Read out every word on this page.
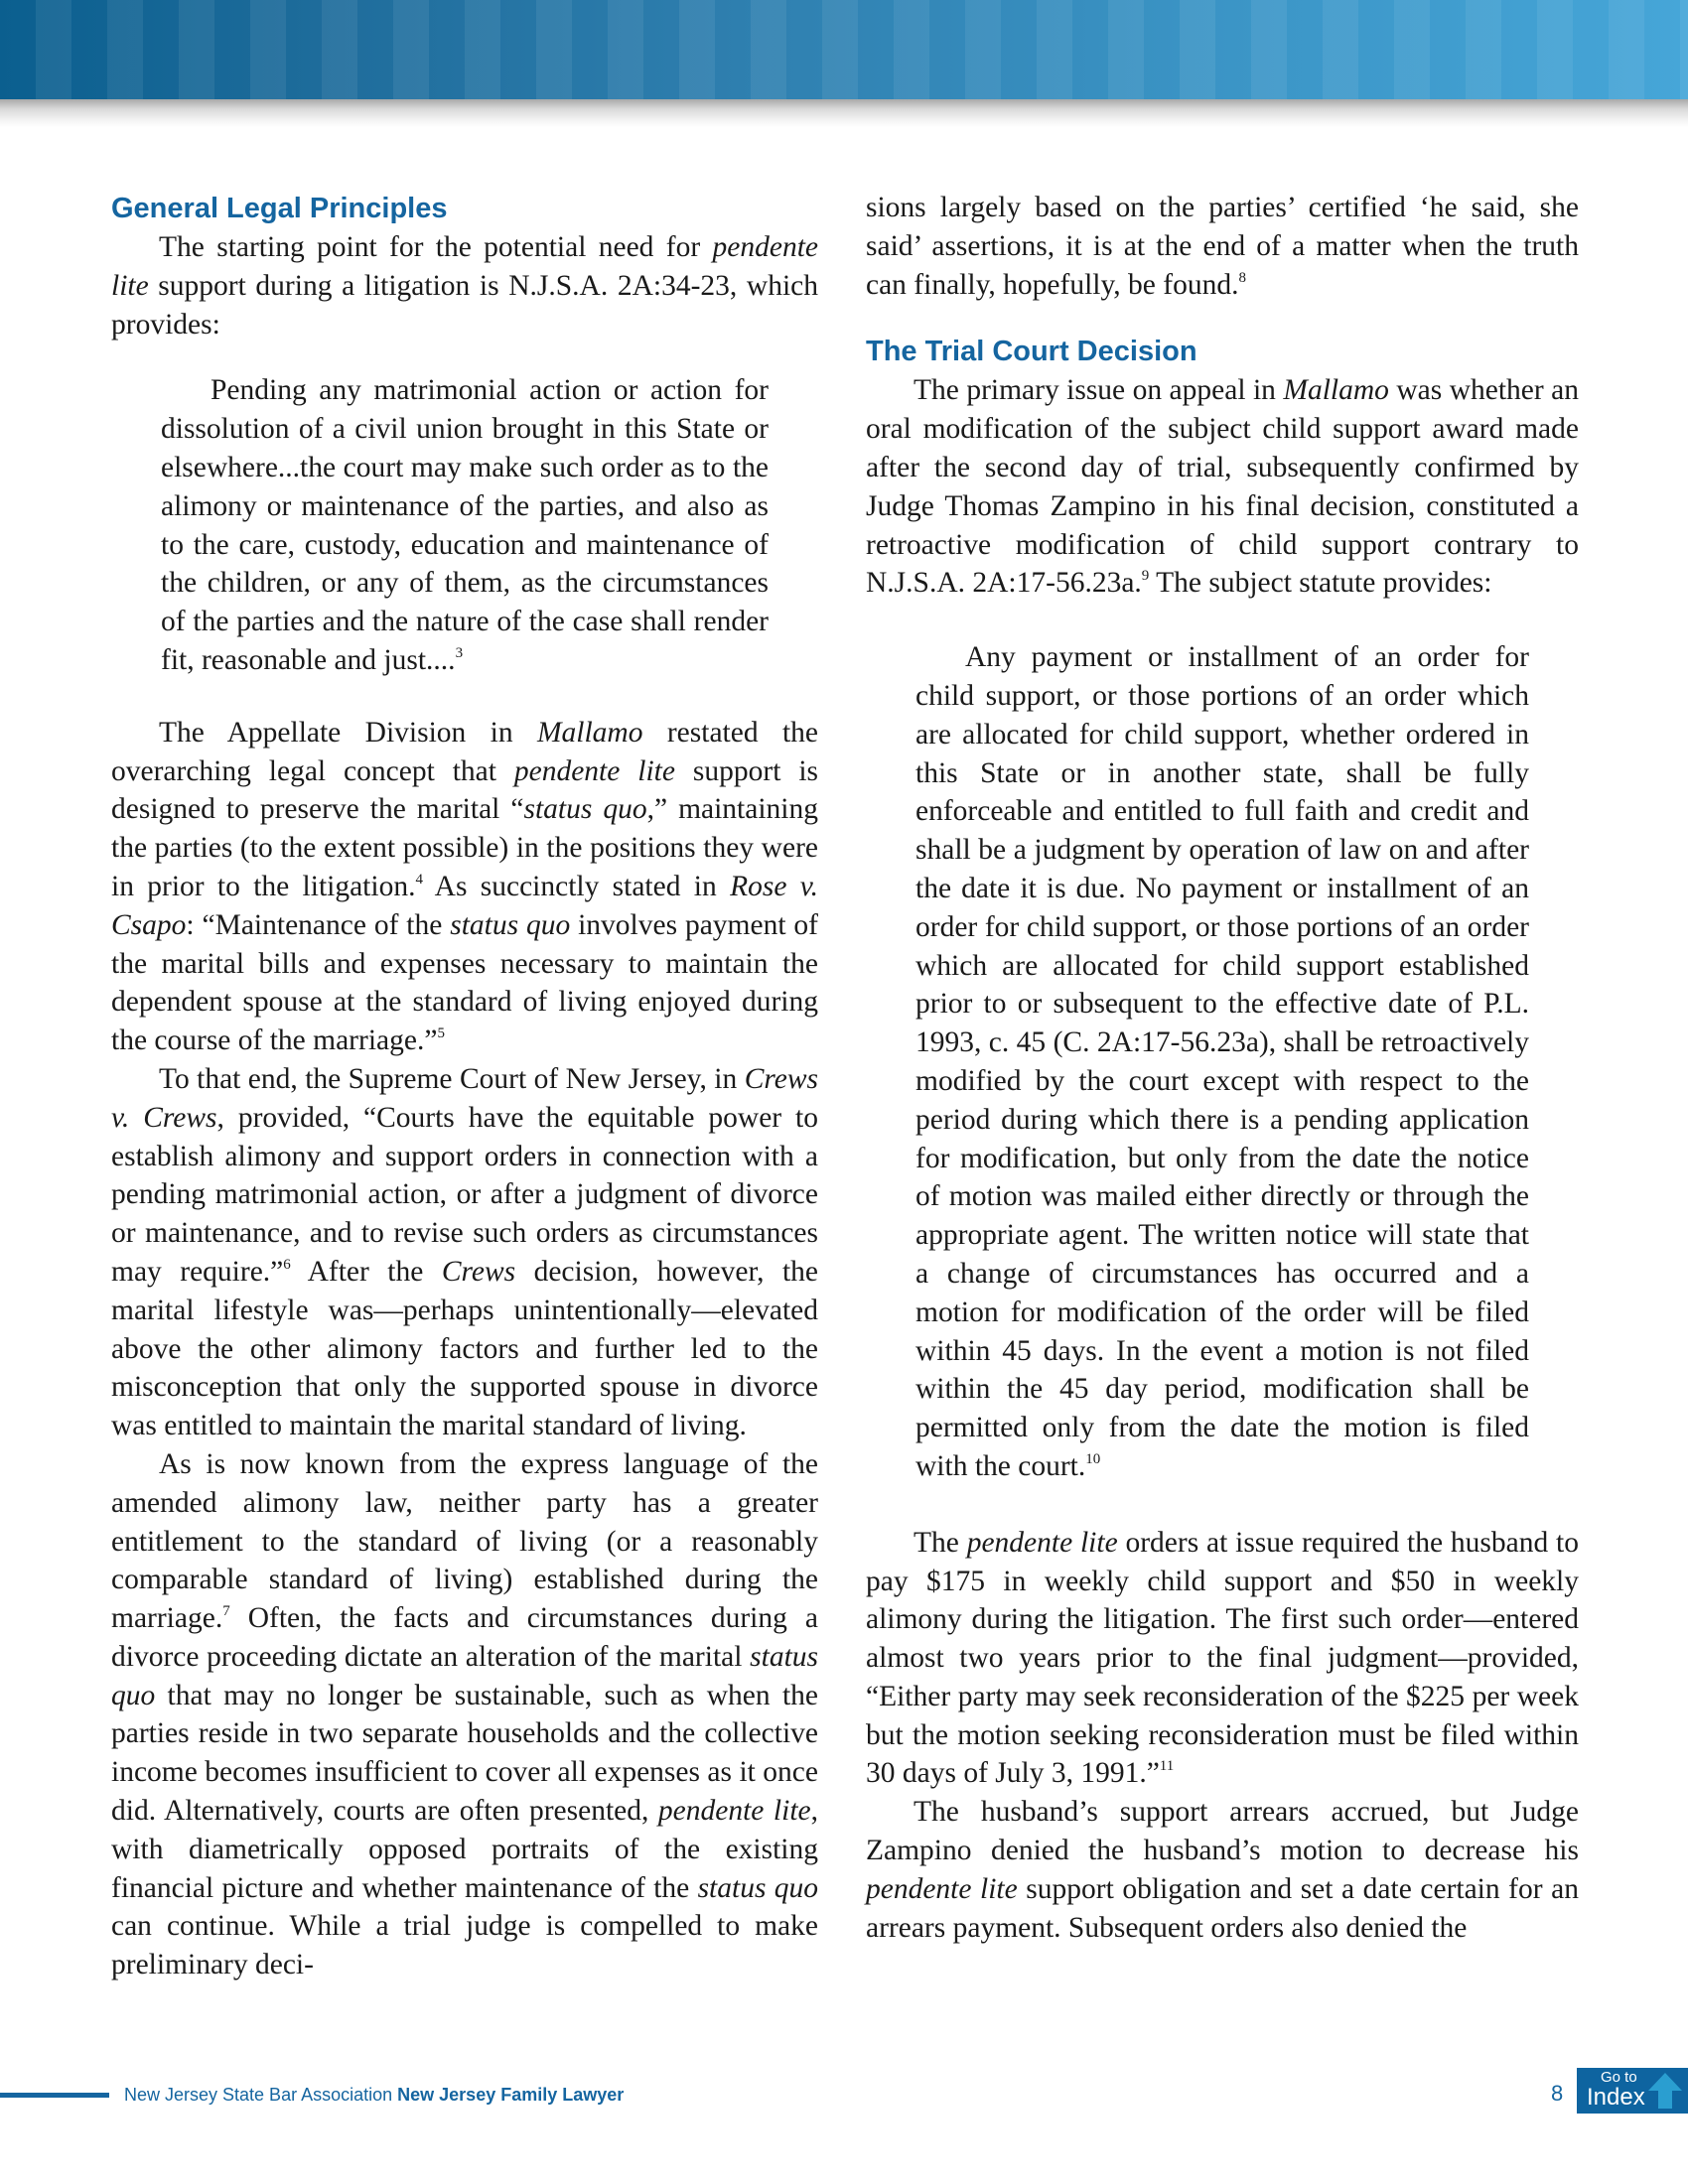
General Legal Principles

The starting point for the potential need for pendente lite support during a litigation is N.J.S.A. 2A:34-23, which provides:

Pending any matrimonial action or action for dissolution of a civil union brought in this State or elsewhere...the court may make such order as to the alimony or maintenance of the parties, and also as to the care, custody, education and maintenance of the children, or any of them, as the circumstances of the parties and the nature of the case shall render fit, reasonable and just....$^3$

The Appellate Division in Mallamo restated the overarching legal concept that pendente lite support is designed to preserve the marital “status quo,” maintaining the parties (to the extent possible) in the positions they were in prior to the litigation.$^4$ As succinctly stated in Rose v. Csapo: “Maintenance of the status quo involves payment of the marital bills and expenses necessary to maintain the dependent spouse at the standard of living enjoyed during the course of the marriage.”$^5$

To that end, the Supreme Court of New Jersey, in Crews v. Crews, provided, “Courts have the equitable power to establish alimony and support orders in connection with a pending matrimonial action, or after a judgment of divorce or maintenance, and to revise such orders as circumstances may require.”$^6$ After the Crews decision, however, the marital lifestyle was—perhaps unintentionally—elevated above the other alimony factors and further led to the misconception that only the supported spouse in divorce was entitled to maintain the marital standard of living.

As is now known from the express language of the amended alimony law, neither party has a greater entitlement to the standard of living (or a reasonably comparable standard of living) established during the marriage.$^7$ Often, the facts and circumstances during a divorce proceeding dictate an alteration of the marital status quo that may no longer be sustainable, such as when the parties reside in two separate households and the collective income becomes insufficient to cover all expenses as it once did. Alternatively, courts are often presented, pendente lite, with diametrically opposed portraits of the existing financial picture and whether maintenance of the status quo can continue. While a trial judge is compelled to make preliminary deci-

sions largely based on the parties’ certified ‘he said, she said’ assertions, it is at the end of a matter when the truth can finally, hopefully, be found.$^8$

The Trial Court Decision

The primary issue on appeal in Mallamo was whether an oral modification of the subject child support award made after the second day of trial, subsequently confirmed by Judge Thomas Zampino in his final decision, constituted a retroactive modification of child support contrary to N.J.S.A. 2A:17-56.23a.$^9$ The subject statute provides:

Any payment or installment of an order for child support, or those portions of an order which are allocated for child support, whether ordered in this State or in another state, shall be fully enforceable and entitled to full faith and credit and shall be a judgment by operation of law on and after the date it is due. No payment or installment of an order for child support, or those portions of an order which are allocated for child support established prior to or subsequent to the effective date of P.L. 1993, c. 45 (C. 2A:17-56.23a), shall be retroactively modified by the court except with respect to the period during which there is a pending application for modification, but only from the date the notice of motion was mailed either directly or through the appropriate agent. The written notice will state that a change of circumstances has occurred and a motion for modification of the order will be filed within 45 days. In the event a motion is not filed within the 45 day period, modification shall be permitted only from the date the motion is filed with the court.$^{10}$

The pendente lite orders at issue required the husband to pay $175 in weekly child support and $50 in weekly alimony during the litigation. The first such order—entered almost two years prior to the final judgment—provided, “Either party may seek reconsideration of the $225 per week but the motion seeking reconsideration must be filed within 30 days of July 3, 1991.”$^{11}$

The husband’s support arrears accrued, but Judge Zampino denied the husband’s motion to decrease his pendente lite support obligation and set a date certain for an arrears payment. Subsequent orders also denied the

New Jersey State Bar Association New Jersey Family Lawyer	8
Go to
Index
